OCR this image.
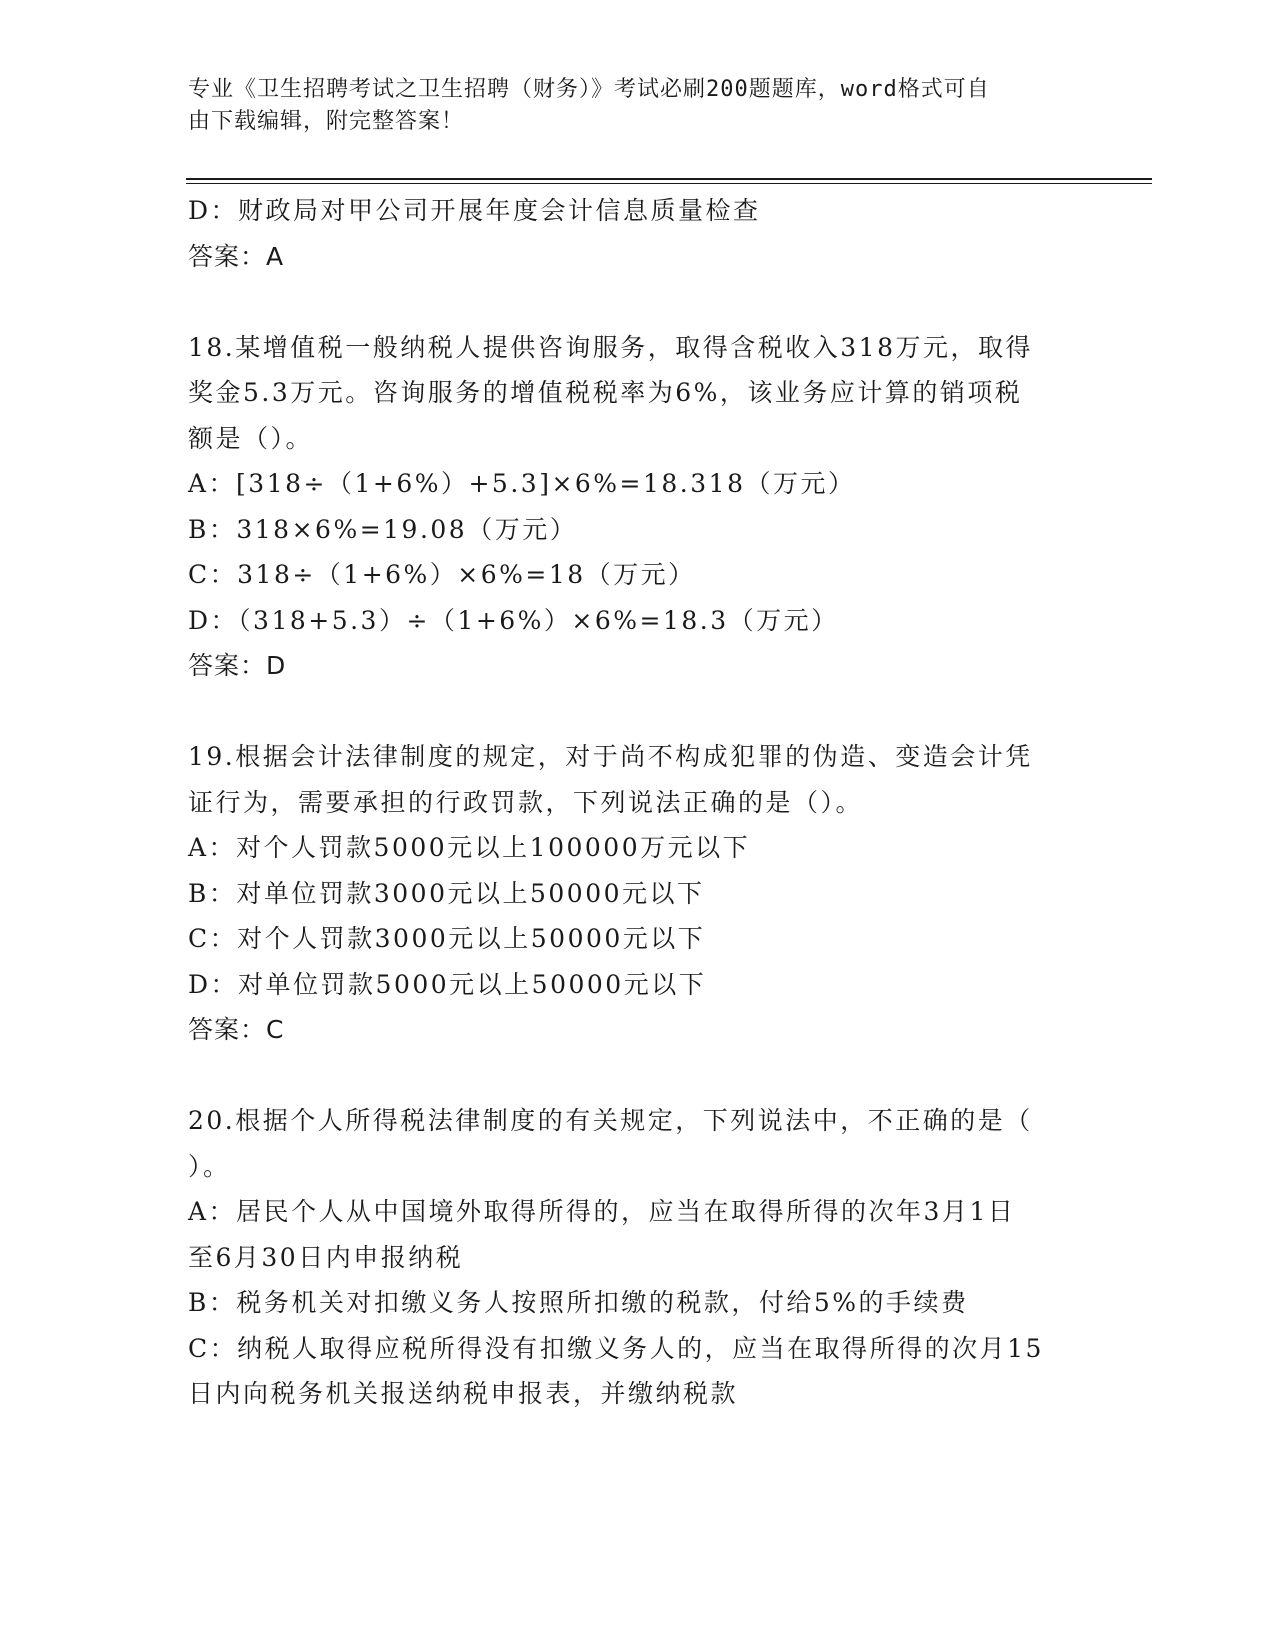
专业《卫生招聘考试之卫生招聘（财务）》考试必刷200题题库，word格式可自
由下载编辑，附完整答案！
D：财政局对甲公司开展年度会计信息质量检查
答案：A
18.某增值税一般纳税人提供咨询服务，取得含税收入318万元，取得
奖金5.3万元。咨询服务的增值税税率为6%，该业务应计算的销项税
额是（）。
A：[318÷（1+6%）+5.3]×6%=18.318（万元）
B：318×6%=19.08（万元）
C：318÷（1+6%）×6%=18（万元）
D：（318+5.3）÷（1+6%）×6%=18.3（万元）
答案：D
19.根据会计法律制度的规定，对于尚不构成犯罪的伪造、变造会计凭
证行为，需要承担的行政罚款，下列说法正确的是（）。
A：对个人罚款5000元以上100000万元以下
B：对单位罚款3000元以上50000元以下
C：对个人罚款3000元以上50000元以下
D：对单位罚款5000元以上50000元以下
答案：C
20.根据个人所得税法律制度的有关规定，下列说法中，不正确的是（
）。
A：居民个人从中国境外取得所得的，应当在取得所得的次年3月1日
至6月30日内申报纳税
B：税务机关对扣缴义务人按照所扣缴的税款，付给5%的手续费
C：纳税人取得应税所得没有扣缴义务人的，应当在取得所得的次月15
日内向税务机关报送纳税申报表，并缴纳税款
